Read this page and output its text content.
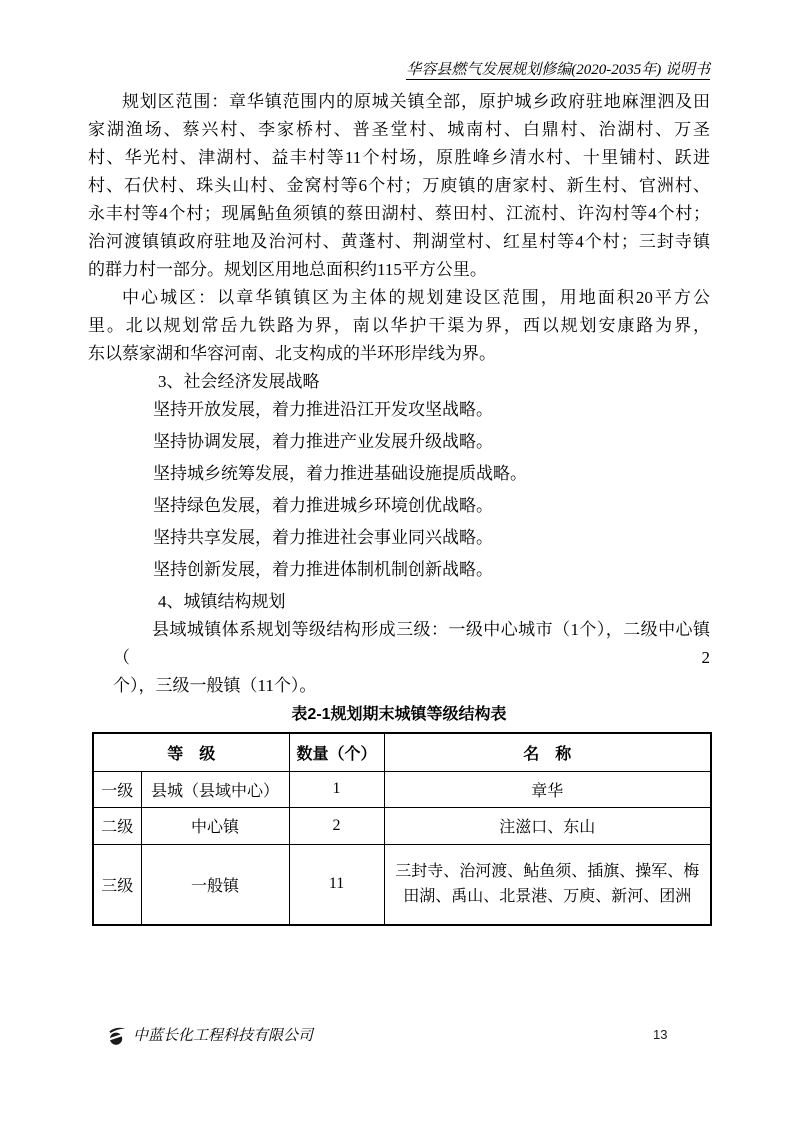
华容县燃气发展规划修编(2020-2035年) 说明书
规划区范围：章华镇范围内的原城关镇全部，原护城乡政府驻地麻浬泗及田
家湖渔场、蔡兴村、李家桥村、普圣堂村、城南村、白鼎村、治湖村、万圣
村、华光村、津湖村、益丰村等11个村场，原胜峰乡清水村、十里铺村、跃进
村、石伏村、珠头山村、金窝村等6个村；万庾镇的唐家村、新生村、官洲村、
永丰村等4个村；现属鲇鱼须镇的蔡田湖村、蔡田村、江流村、许沟村等4个村；
治河渡镇镇政府驻地及治河村、黄蓬村、荆湖堂村、红星村等4个村；三封寺镇
的群力村一部分。规划区用地总面积约115平方公里。
中心城区：以章华镇镇区为主体的规划建设区范围，用地面积20平方公
里。北以规划常岳九铁路为界，南以华护干渠为界，西以规划安康路为界，
东以蔡家湖和华容河南、北支构成的半环形岸线为界。
3、社会经济发展战略
坚持开放发展，着力推进沿江开发攻坚战略。
坚持协调发展，着力推进产业发展升级战略。
坚持城乡统筹发展，着力推进基础设施提质战略。
坚持绿色发展，着力推进城乡环境创优战略。
坚持共享发展，着力推进社会事业同兴战略。
坚持创新发展，着力推进体制机制创新战略。
4、城镇结构规划
县域城镇体系规划等级结构形成三级：一级中心城市（1个），二级中心镇（2
个），三级一般镇（11个）。
表2-1规划期末城镇等级结构表
等　级		数量（个）	名　称
一级	县城（县域中心）	1	章华
二级	中心镇	2	注滋口、东山
三级	一般镇	11	三封寺、治河渡、鲇鱼须、插旗、操军、梅田湖、禹山、北景港、万庾、新河、团洲
中蓝长化工程科技有限公司	13
